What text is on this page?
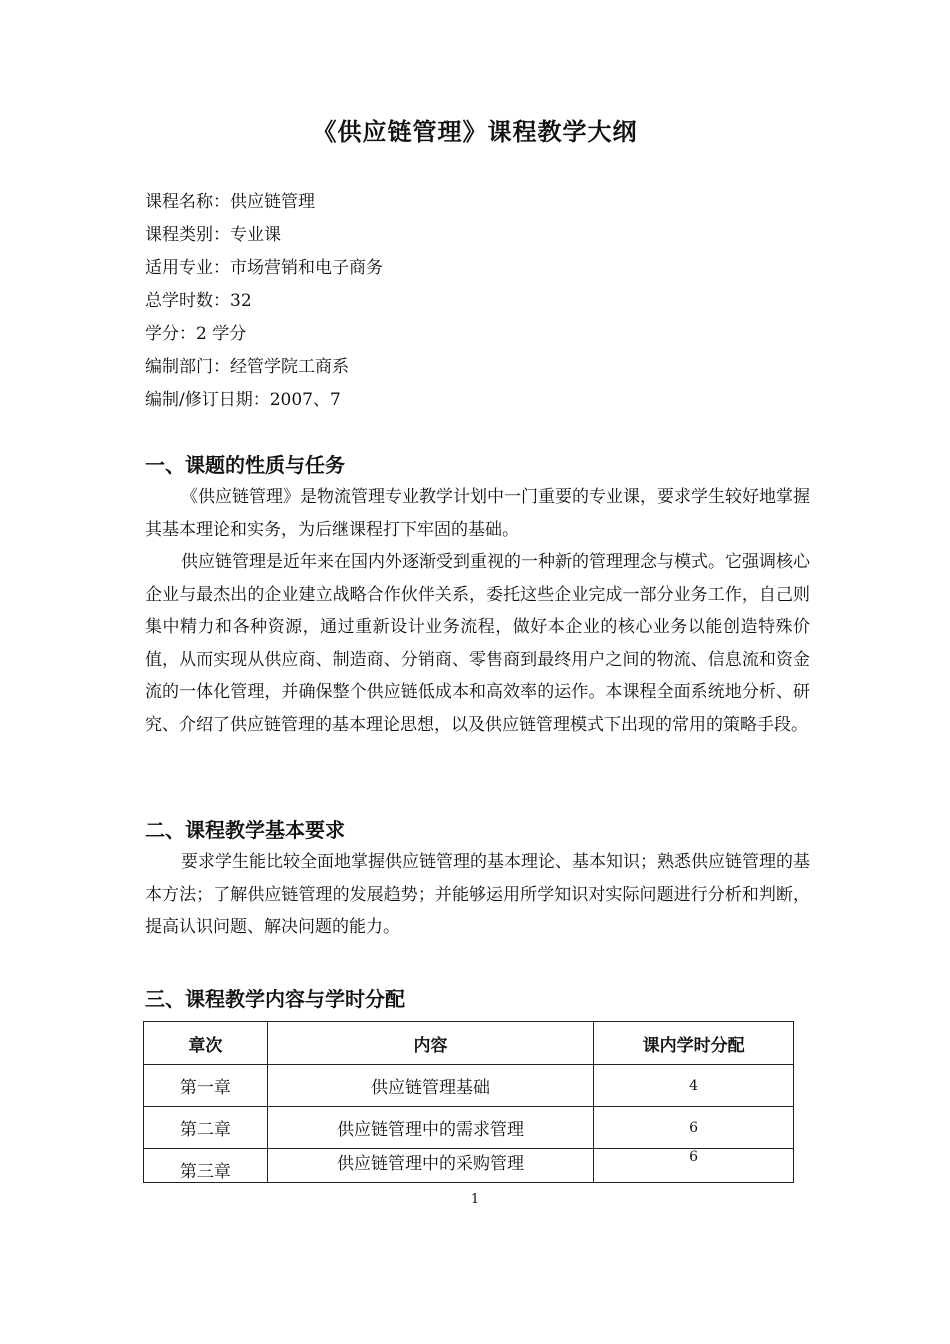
《供应链管理》课程教学大纲
课程名称：供应链管理
课程类别：专业课
适用专业：市场营销和电子商务
总学时数：32
学分：2 学分
编制部门：经管学院工商系
编制/修订日期：2007、7
一、课题的性质与任务

《供应链管理》是物流管理专业教学计划中一门重要的专业课，要求学生较好地掌握其基本理论和实务，为后继课程打下牢固的基础。

供应链管理是近年来在国内外逐渐受到重视的一种新的管理理念与模式。它强调核心企业与最杰出的企业建立战略合作伙伴关系，委托这些企业完成一部分业务工作，自己则集中精力和各种资源，通过重新设计业务流程，做好本企业的核心业务以能创造特殊价值，从而实现从供应商、制造商、分销商、零售商到最终用户之间的物流、信息流和资金流的一体化管理，并确保整个供应链低成本和高效率的运作。本课程全面系统地分析、研究、介绍了供应链管理的基本理论思想，以及供应链管理模式下出现的常用的策略手段。

二、课程教学基本要求

要求学生能比较全面地掌握供应链管理的基本理论、基本知识；熟悉供应链管理的基本方法；了解供应链管理的发展趋势；并能够运用所学知识对实际问题进行分析和判断，提高认识问题、解决问题的能力。

三、课程教学内容与学时分配
章次	内容	课内学时分配
第一章	供应链管理基础	4
第二章	供应链管理中的需求管理	6
第三章	供应链管理中的采购管理	6
1
